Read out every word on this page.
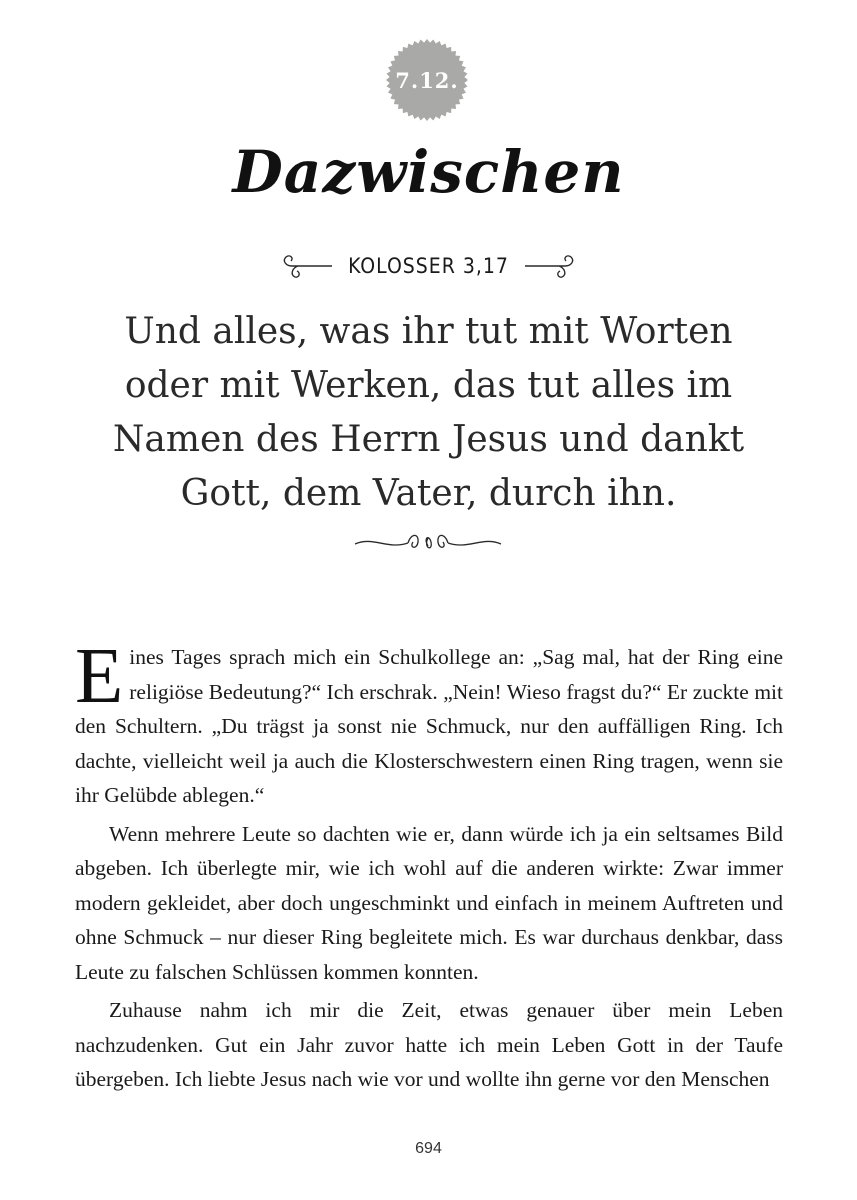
7.12.
Dazwischen
KOLOSSER 3,17
Und alles, was ihr tut mit Worten oder mit Werken, das tut alles im Namen des Herrn Jesus und dankt Gott, dem Vater, durch ihn.

Eines Tages sprach mich ein Schulkollege an: „Sag mal, hat der Ring eine religiöse Bedeutung?“ Ich erschrak. „Nein! Wieso fragst du?“ Er zuckte mit den Schultern. „Du trägst ja sonst nie Schmuck, nur den auffälligen Ring. Ich dachte, vielleicht weil ja auch die Klosterschwestern einen Ring tragen, wenn sie ihr Gelübde ablegen.“

Wenn mehrere Leute so dachten wie er, dann würde ich ja ein seltsames Bild abgeben. Ich überlegte mir, wie ich wohl auf die anderen wirkte: Zwar immer modern gekleidet, aber doch ungeschminkt und einfach in meinem Auftreten und ohne Schmuck – nur dieser Ring begleitete mich. Es war durchaus denkbar, dass Leute zu falschen Schlüssen kommen konnten.

Zuhause nahm ich mir die Zeit, etwas genauer über mein Leben nachzudenken. Gut ein Jahr zuvor hatte ich mein Leben Gott in der Taufe übergeben. Ich liebte Jesus nach wie vor und wollte ihn gerne vor den Menschen

694
